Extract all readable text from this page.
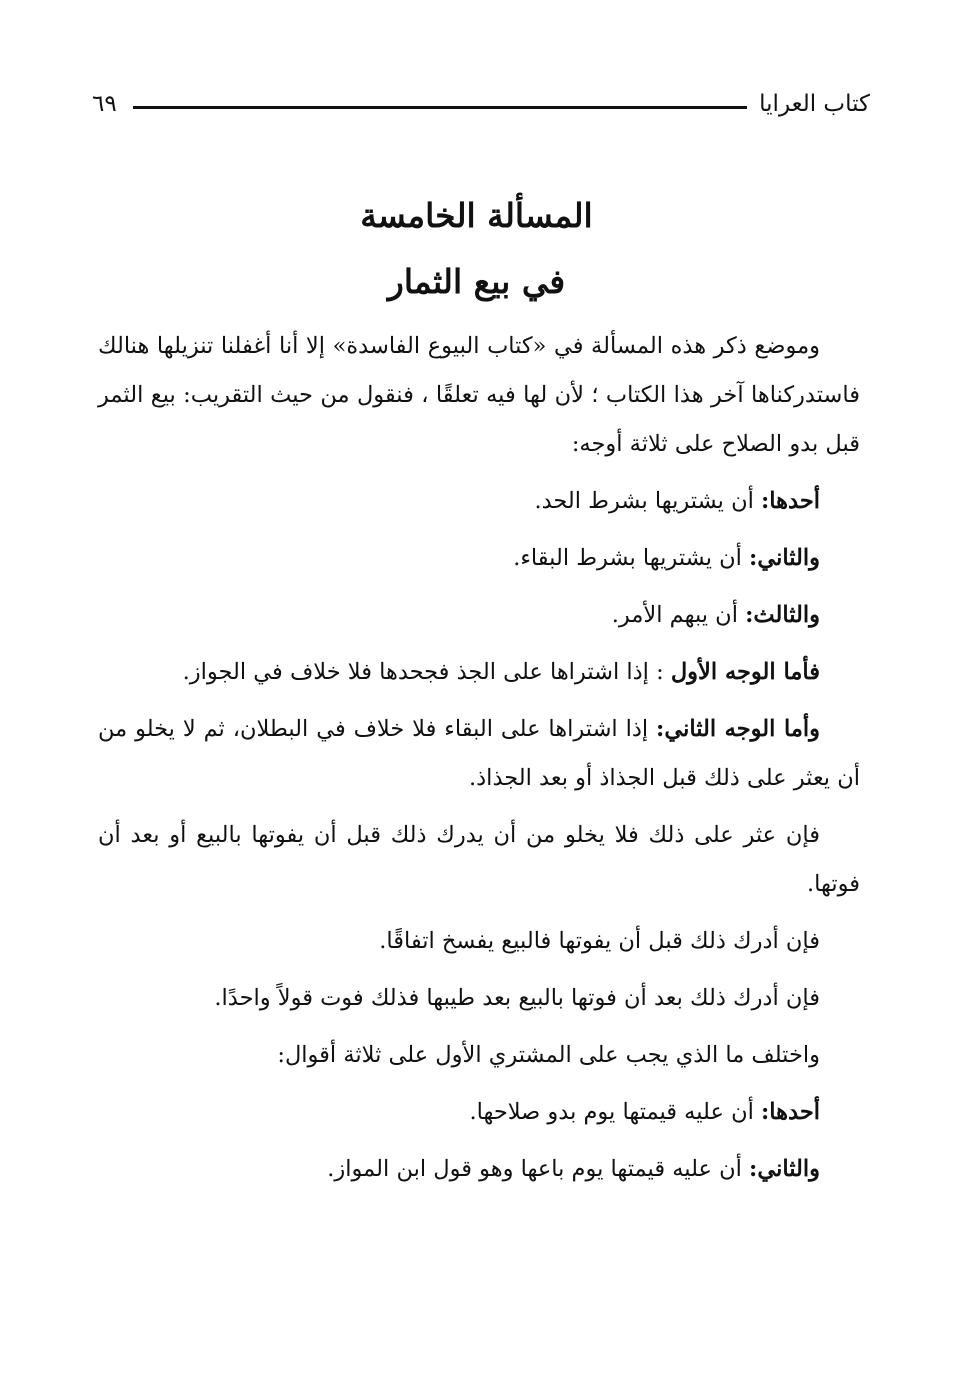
كتاب العرايا
٦٩
المسألة الخامسة
في بيع الثمار

وموضع ذكر هذه المسألة في «كتاب البيوع الفاسدة» إلا أنا أغفلنا تنزيلها هنالك فاستدركناها آخر هذا الكتاب ؛ لأن لها فيه تعلقًا ، فنقول من حيث التقريب: بيع الثمر قبل بدو الصلاح على ثلاثة أوجه:

أحدها: أن يشتريها بشرط الحد.

والثاني: أن يشتريها بشرط البقاء.

والثالث: أن يبهم الأمر.

فأما الوجه الأول : إذا اشتراها على الجذ فجحدها فلا خلاف في الجواز.

وأما الوجه الثاني: إذا اشتراها على البقاء فلا خلاف في البطلان، ثم لا يخلو من أن يعثر على ذلك قبل الجذاذ أو بعد الجذاذ.

فإن عثر على ذلك فلا يخلو من أن يدرك ذلك قبل أن يفوتها بالبيع أو بعد أن فوتها.

فإن أدرك ذلك قبل أن يفوتها فالبيع يفسخ اتفاقًا.

فإن أدرك ذلك بعد أن فوتها بالبيع بعد طيبها فذلك فوت قولاً واحدًا.

واختلف ما الذي يجب على المشتري الأول على ثلاثة أقوال:

أحدها: أن عليه قيمتها يوم بدو صلاحها.

والثاني: أن عليه قيمتها يوم باعها وهو قول ابن المواز.
